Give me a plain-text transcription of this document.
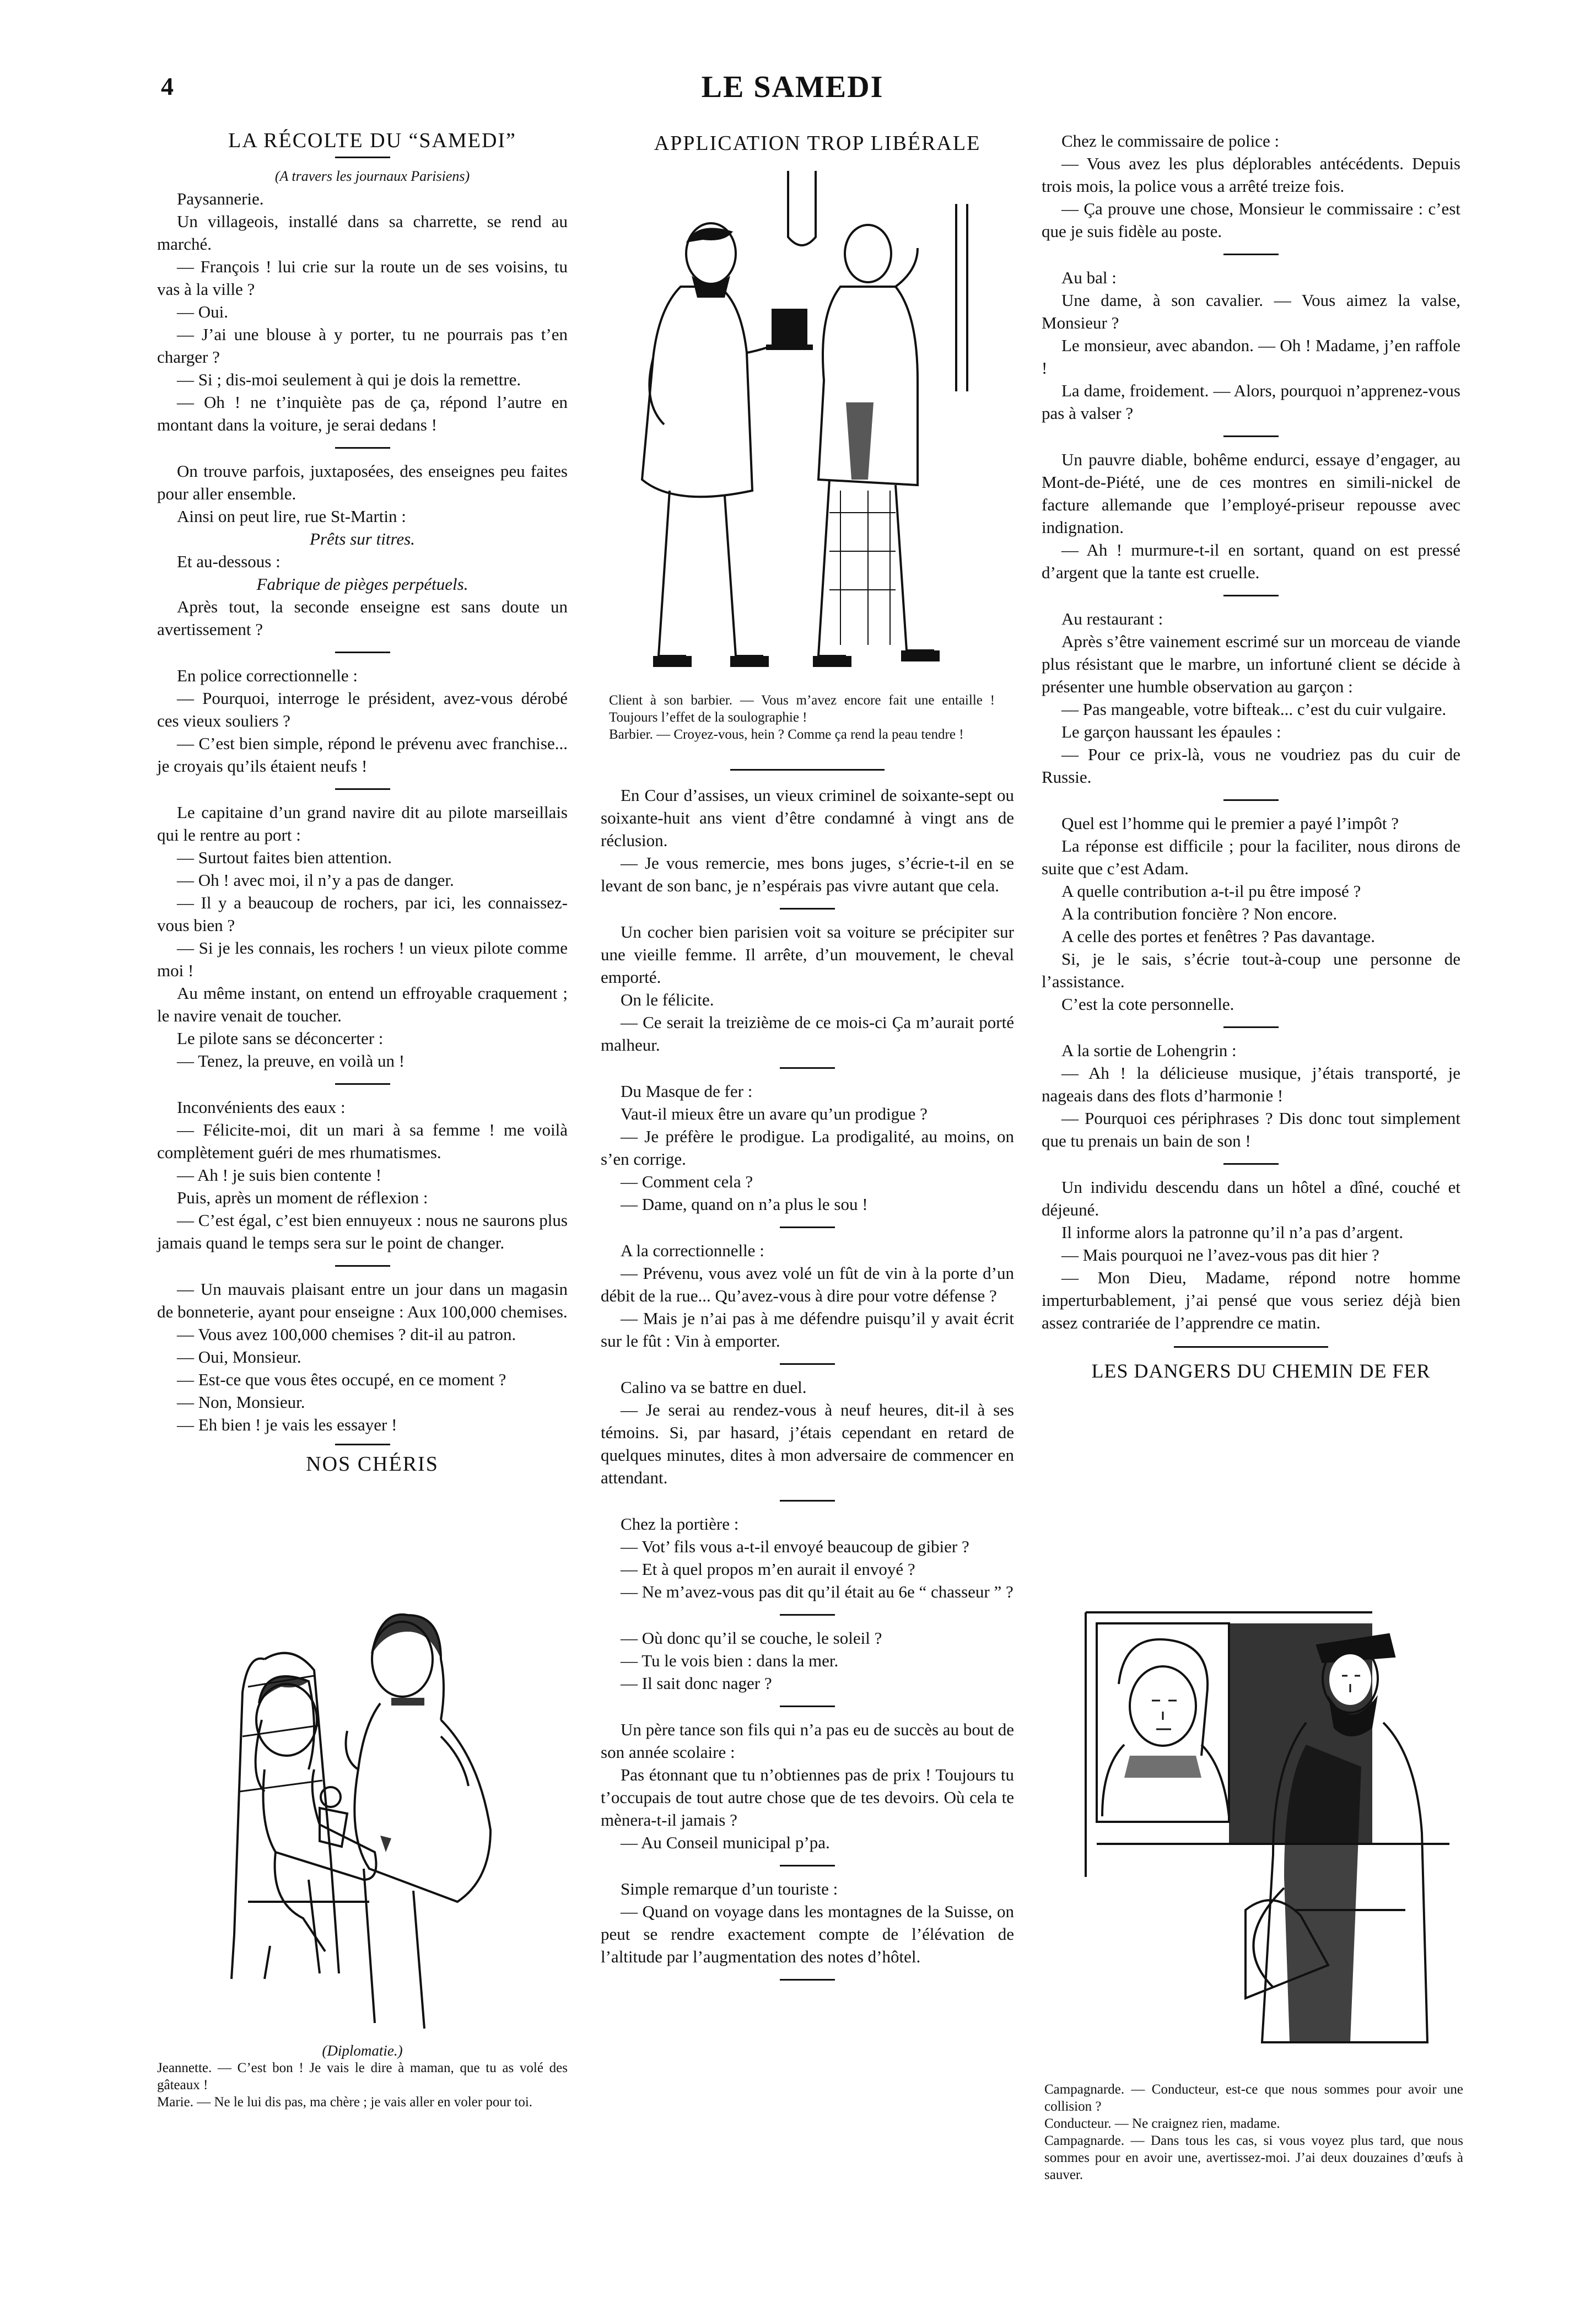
4	LE SAMEDI

LA RÉCOLTE DU “SAMEDI”

(A travers les journaux Parisiens)

Paysannerie.

Un villageois, installé dans sa charrette, se rend au marché.

— François ! lui crie sur la route un de ses voisins, tu vas à la ville ?

— Oui.

— J’ai une blouse à y porter, tu ne pourrais pas t’en charger ?

— Si ; dis-moi seulement à qui je dois la remettre.

— Oh ! ne t’inquiète pas de ça, répond l’autre en montant dans la voiture, je serai dedans !

On trouve parfois, juxtaposées, des enseignes peu faites pour aller ensemble.

Ainsi on peut lire, rue St-Martin :

Prêts sur titres.

Et au-dessous :

Fabrique de pièges perpétuels.

Après tout, la seconde enseigne est sans doute un avertissement ?

En police correctionnelle :

— Pourquoi, interroge le président, avez-vous dérobé ces vieux souliers ?

— C’est bien simple, répond le prévenu avec franchise... je croyais qu’ils étaient neufs !

Le capitaine d’un grand navire dit au pilote marseillais qui le rentre au port :

— Surtout faites bien attention.

— Oh ! avec moi, il n’y a pas de danger.

— Il y a beaucoup de rochers, par ici, les connaissez-vous bien ?

— Si je les connais, les rochers ! un vieux pilote comme moi !

Au même instant, on entend un effroyable craquement ; le navire venait de toucher.

Le pilote sans se déconcerter :

— Tenez, la preuve, en voilà un !

Inconvénients des eaux :

— Félicite-moi, dit un mari à sa femme ! me voilà complètement guéri de mes rhumatismes.

— Ah ! je suis bien contente !

Puis, après un moment de réflexion :

— C’est égal, c’est bien ennuyeux : nous ne saurons plus jamais quand le temps sera sur le point de changer.

— Un mauvais plaisant entre un jour dans un magasin de bonneterie, ayant pour enseigne : Aux 100,000 chemises.

— Vous avez 100,000 chemises ? dit-il au patron.

— Oui, Monsieur.

— Est-ce que vous êtes occupé, en ce moment ?

— Non, Monsieur.

— Eh bien ! je vais les essayer !

NOS CHÉRIS

(Diplomatie.)

Jeannette. — C’est bon ! Je vais le dire à maman, que tu as volé des gâteaux !

Marie. — Ne le lui dis pas, ma chère ; je vais aller en voler pour toi.

APPLICATION TROP LIBÉRALE

Client à son barbier. — Vous m’avez encore fait une entaille ! Toujours l’effet de la soulographie !

Barbier. — Croyez-vous, hein ? Comme ça rend la peau tendre !

En Cour d’assises, un vieux criminel de soixante-sept ou soixante-huit ans vient d’être condamné à vingt ans de réclusion.

— Je vous remercie, mes bons juges, s’écrie-t-il en se levant de son banc, je n’espérais pas vivre autant que cela.

Un cocher bien parisien voit sa voiture se précipiter sur une vieille femme. Il arrête, d’un mouvement, le cheval emporté.

On le félicite.

— Ce serait la treizième de ce mois-ci Ça m’aurait porté malheur.

Du Masque de fer :

Vaut-il mieux être un avare qu’un prodigue ?

— Je préfère le prodigue. La prodigalité, au moins, on s’en corrige.

— Comment cela ?

— Dame, quand on n’a plus le sou !

A la correctionnelle :

— Prévenu, vous avez volé un fût de vin à la porte d’un débit de la rue... Qu’avez-vous à dire pour votre défense ?

— Mais je n’ai pas à me défendre puisqu’il y avait écrit sur le fût : Vin à emporter.

Calino va se battre en duel.

— Je serai au rendez-vous à neuf heures, dit-il à ses témoins. Si, par hasard, j’étais cependant en retard de quelques minutes, dites à mon adversaire de commencer en attendant.

Chez la portière :

— Vot’ fils vous a-t-il envoyé beaucoup de gibier ?

— Et à quel propos m’en aurait il envoyé ?

— Ne m’avez-vous pas dit qu’il était au 6e “ chasseur ” ?

— Où donc qu’il se couche, le soleil ?

— Tu le vois bien : dans la mer.

— Il sait donc nager ?

Un père tance son fils qui n’a pas eu de succès au bout de son année scolaire :

Pas étonnant que tu n’obtiennes pas de prix ! Toujours tu t’occupais de tout autre chose que de tes devoirs. Où cela te mènera-t-il jamais ?

— Au Conseil municipal p’pa.

Simple remarque d’un touriste :

— Quand on voyage dans les montagnes de la Suisse, on peut se rendre exactement compte de l’élévation de l’altitude par l’augmentation des notes d’hôtel.

Chez le commissaire de police :

— Vous avez les plus déplorables antécédents. Depuis trois mois, la police vous a arrêté treize fois.

— Ça prouve une chose, Monsieur le commissaire : c’est que je suis fidèle au poste.

Au bal :

Une dame, à son cavalier. — Vous aimez la valse, Monsieur ?

Le monsieur, avec abandon. — Oh ! Madame, j’en raffole !

La dame, froidement. — Alors, pourquoi n’apprenez-vous pas à valser ?

Un pauvre diable, bohême endurci, essaye d’engager, au Mont-de-Piété, une de ces montres en simili-nickel de facture allemande que l’employé-priseur repousse avec indignation.

— Ah ! murmure-t-il en sortant, quand on est pressé d’argent que la tante est cruelle.

Au restaurant :

Après s’être vainement escrimé sur un morceau de viande plus résistant que le marbre, un infortuné client se décide à présenter une humble observation au garçon :

— Pas mangeable, votre bifteak... c’est du cuir vulgaire.

Le garçon haussant les épaules :

— Pour ce prix-là, vous ne voudriez pas du cuir de Russie.

Quel est l’homme qui le premier a payé l’impôt ?

La réponse est difficile ; pour la faciliter, nous dirons de suite que c’est Adam.

A quelle contribution a-t-il pu être imposé ?

A la contribution foncière ? Non encore.

A celle des portes et fenêtres ? Pas davantage.

Si, je le sais, s’écrie tout-à-coup une personne de l’assistance.

C’est la cote personnelle.

A la sortie de Lohengrin :

— Ah ! la délicieuse musique, j’étais transporté, je nageais dans des flots d’harmonie !

— Pourquoi ces périphrases ? Dis donc tout simplement que tu prenais un bain de son !

Un individu descendu dans un hôtel a dîné, couché et déjeuné.

Il informe alors la patronne qu’il n’a pas d’argent.

— Mais pourquoi ne l’avez-vous pas dit hier ?

— Mon Dieu, Madame, répond notre homme imperturbablement, j’ai pensé que vous seriez déjà bien assez contrariée de l’apprendre ce matin.

LES DANGERS DU CHEMIN DE FER

Campagnarde. — Conducteur, est-ce que nous sommes pour avoir une collision ?

Conducteur. — Ne craignez rien, madame.

Campagnarde. — Dans tous les cas, si vous voyez plus tard, que nous sommes pour en avoir une, avertissez-moi. J’ai deux douzaines d’œufs à sauver.
